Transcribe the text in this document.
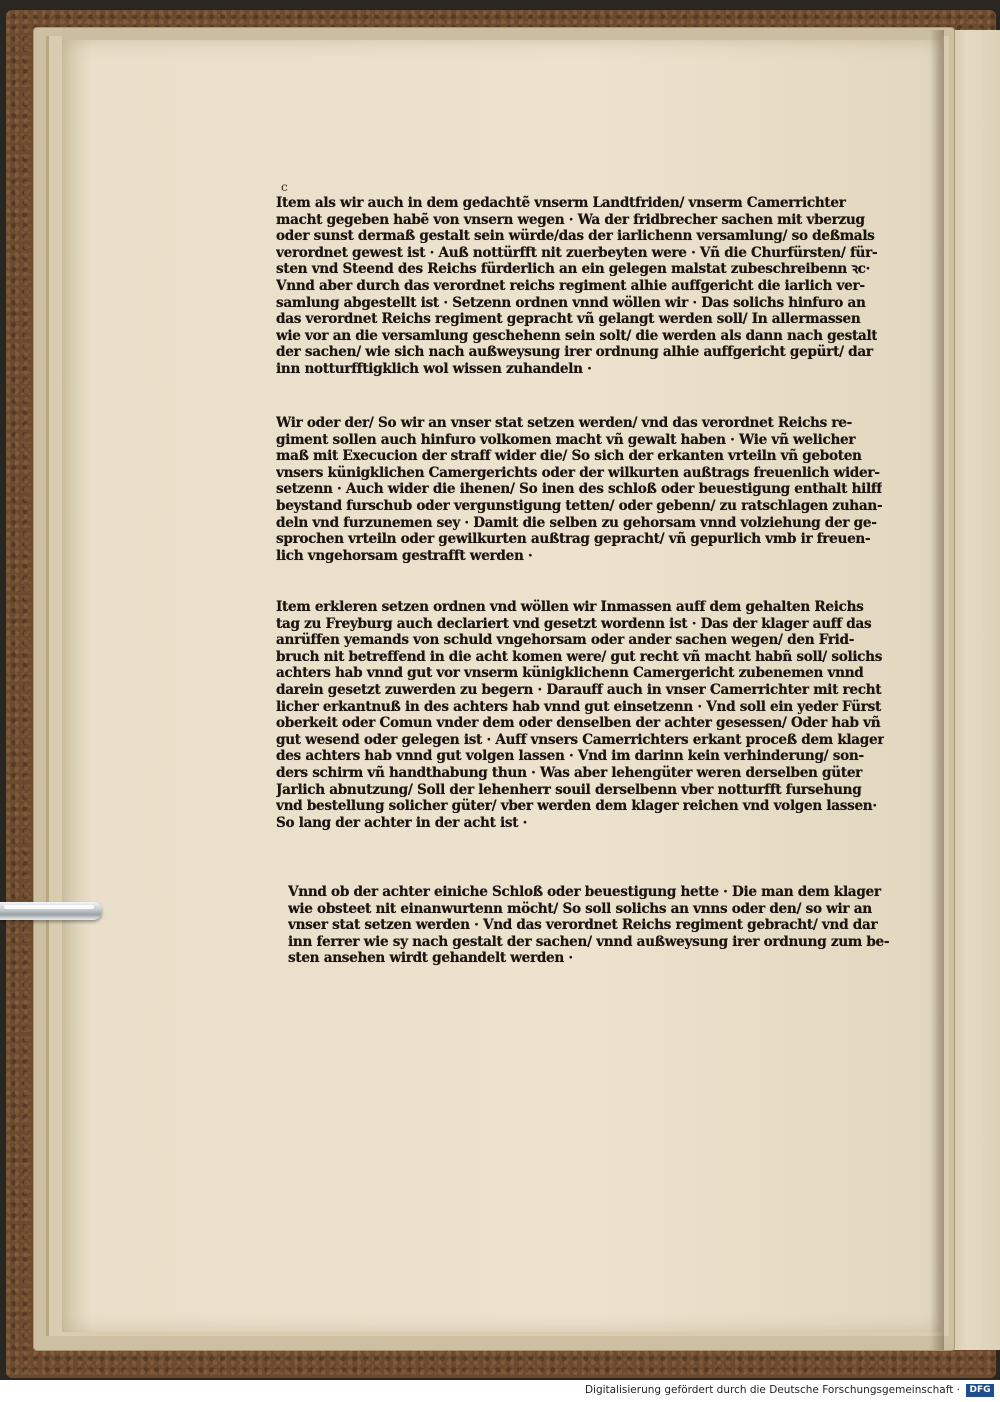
c
Item als wir auch in dem gedachtẽ vnserm Landtfriden/ vnserm Camerrichter
macht gegeben habẽ von vnsern wegen · Wa der fridbrecher sachen mit vberzug
oder sunst dermaß gestalt sein würde/das der iarlichenn versamlung/ so deßmals
verordnet gewest ist · Auß nottürfft nit zuerbeyten were · Vñ die Churfürsten/ für-
sten vnd Steend des Reichs fürderlich an ein gelegen malstat zubeschreibenn ꝛc·
Vnnd aber durch das verordnet reichs regiment alhie auffgericht die iarlich ver-
samlung abgestellt ist · Setzenn ordnen vnnd wöllen wir · Das solichs hinfuro an
das verordnet Reichs regiment gepracht vñ gelangt werden soll/ In allermassen
wie vor an die versamlung geschehenn sein solt/ die werden als dann nach gestalt
der sachen/ wie sich nach außweysung irer ordnung alhie auffgericht gepürt/ dar
inn notturfftigklich wol wissen zuhandeln ·
Wir oder der/ So wir an vnser stat setzen werden/ vnd das verordnet Reichs re-
giment sollen auch hinfuro volkomen macht vñ gewalt haben · Wie vñ welicher
maß mit Execucion der straff wider die/ So sich der erkanten vrteiln vñ geboten
vnsers künigklichen Camergerichts oder der wilkurten außtrags freuenlich wider-
setzenn · Auch wider die ihenen/ So inen des schloß oder beuestigung enthalt hilff
beystand furschub oder vergunstigung tetten/ oder gebenn/ zu ratschlagen zuhan-
deln vnd furzunemen sey · Damit die selben zu gehorsam vnnd volziehung der ge-
sprochen vrteiln oder gewilkurten außtrag gepracht/ vñ gepurlich vmb ir freuen-
lich vngehorsam gestrafft werden ·
Item erkleren setzen ordnen vnd wöllen wir Inmassen auff dem gehalten Reichs
tag zu Freyburg auch declariert vnd gesetzt wordenn ist · Das der klager auff das
anrüffen yemands von schuld vngehorsam oder ander sachen wegen/ den Frid-
bruch nit betreffend in die acht komen were/ gut recht vñ macht habñ soll/ solichs
achters hab vnnd gut vor vnserm künigklichenn Camergericht zubenemen vnnd
darein gesetzt zuwerden zu begern · Darauff auch in vnser Camerrichter mit recht
licher erkantnuß in des achters hab vnnd gut einsetzenn · Vnd soll ein yeder Fürst
oberkeit oder Comun vnder dem oder denselben der achter gesessen/ Oder hab vñ
gut wesend oder gelegen ist · Auff vnsers Camerrichters erkant proceß dem klager
des achters hab vnnd gut volgen lassen · Vnd im darinn kein verhinderung/ son-
ders schirm vñ handthabung thun · Was aber lehengüter weren derselben güter
Jarlich abnutzung/ Soll der lehenherr souil derselbenn vber notturfft fursehung
vnd bestellung solicher güter/ vber werden dem klager reichen vnd volgen lassen·
So lang der achter in der acht ist ·
Vnnd ob der achter einiche Schloß oder beuestigung hette · Die man dem klager
wie obsteet nit einanwurtenn möcht/ So soll solichs an vnns oder den/ so wir an
vnser stat setzen werden · Vnd das verordnet Reichs regiment gebracht/ vnd dar
inn ferrer wie sy nach gestalt der sachen/ vnnd außweysung irer ordnung zum be-
sten ansehen wirdt gehandelt werden ·
Digitalisierung gefördert durch die Deutsche Forschungsgemeinschaft ·	DFG
